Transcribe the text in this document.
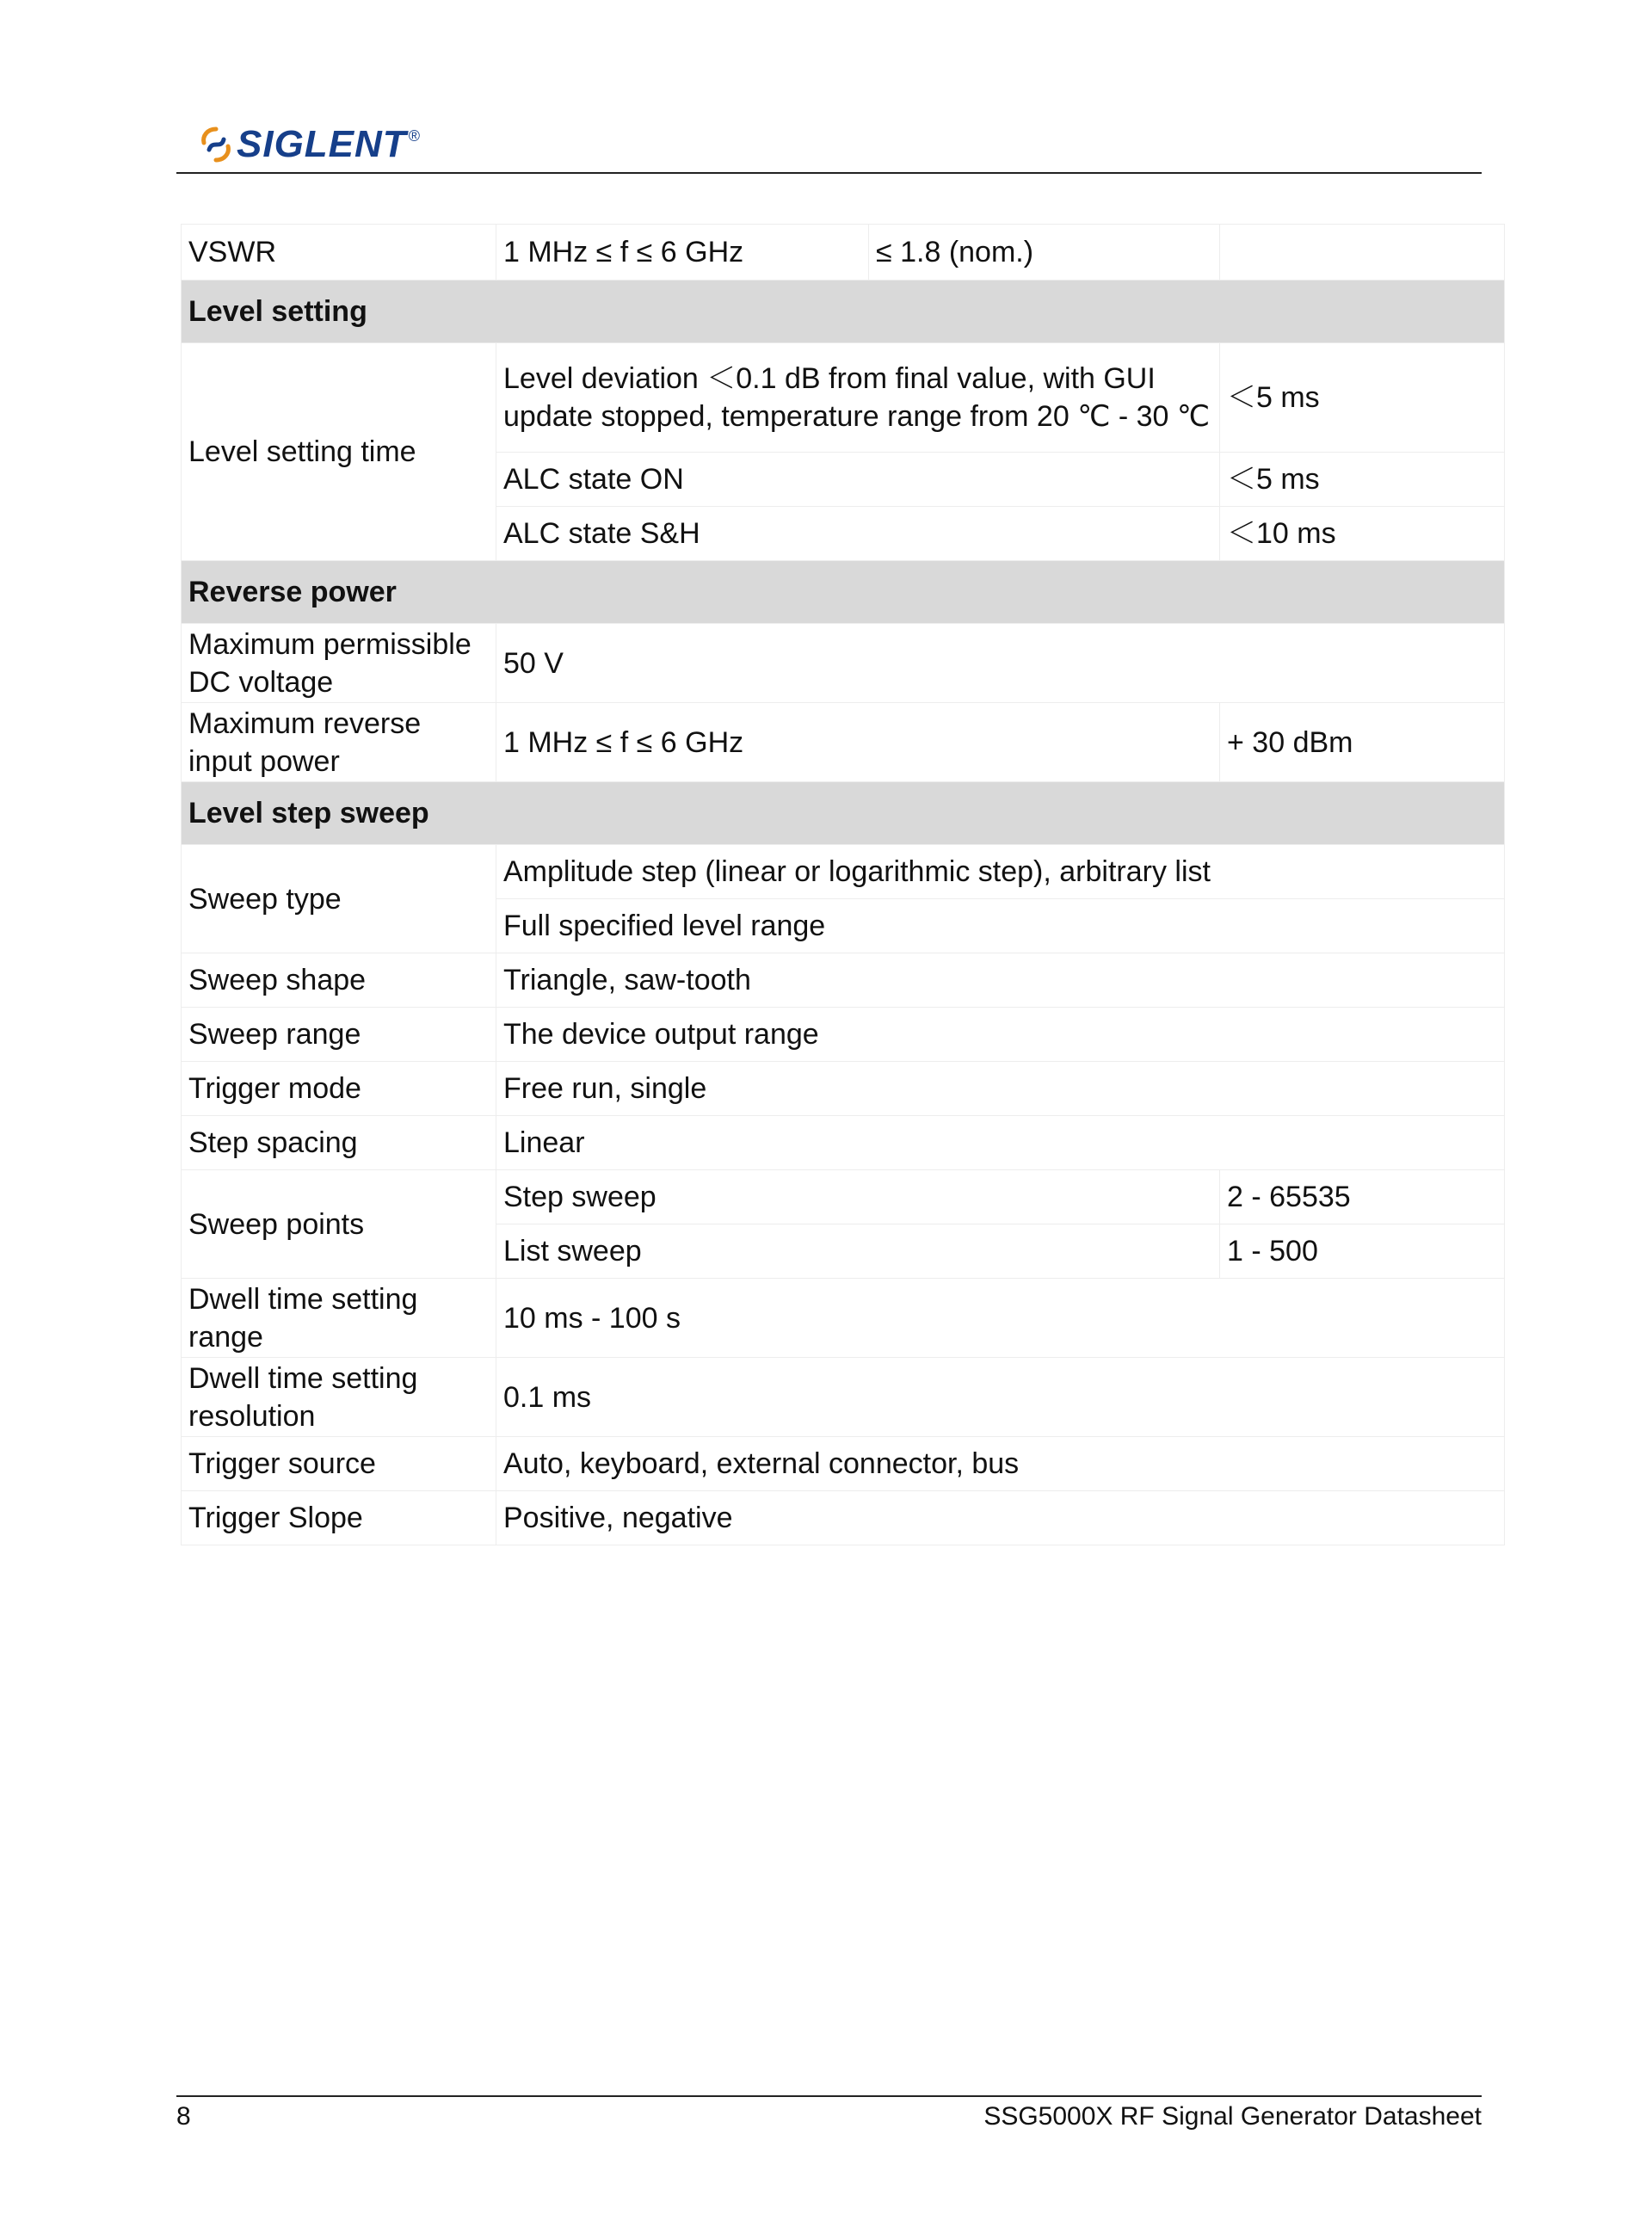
SIGLENT ®
VSWR	1 MHz ≤ f ≤ 6 GHz	≤ 1.8 (nom.)	
Level setting			
Level setting time	Level deviation ＜0.1 dB from final value, with GUI update stopped, temperature range from 20 ℃ - 30 ℃		＜5 ms
	ALC state ON		＜5 ms
	ALC state S&H		＜10 ms
Reverse power			
Maximum permissible DC voltage	50 V		
Maximum reverse input power	1 MHz ≤ f ≤ 6 GHz		+ 30 dBm
Level step sweep			
Sweep type	Amplitude step (linear or logarithmic step), arbitrary list		
	Full specified level range		
Sweep shape	Triangle, saw-tooth		
Sweep range	The device output range		
Trigger mode	Free run, single		
Step spacing	Linear		
Sweep points	Step sweep		2 - 65535
	List sweep		1 - 500
Dwell time setting range	10 ms - 100 s		
Dwell time setting resolution	0.1 ms		
Trigger source	Auto, keyboard, external connector, bus		
Trigger Slope	Positive, negative		
8	SSG5000X RF Signal Generator Datasheet
